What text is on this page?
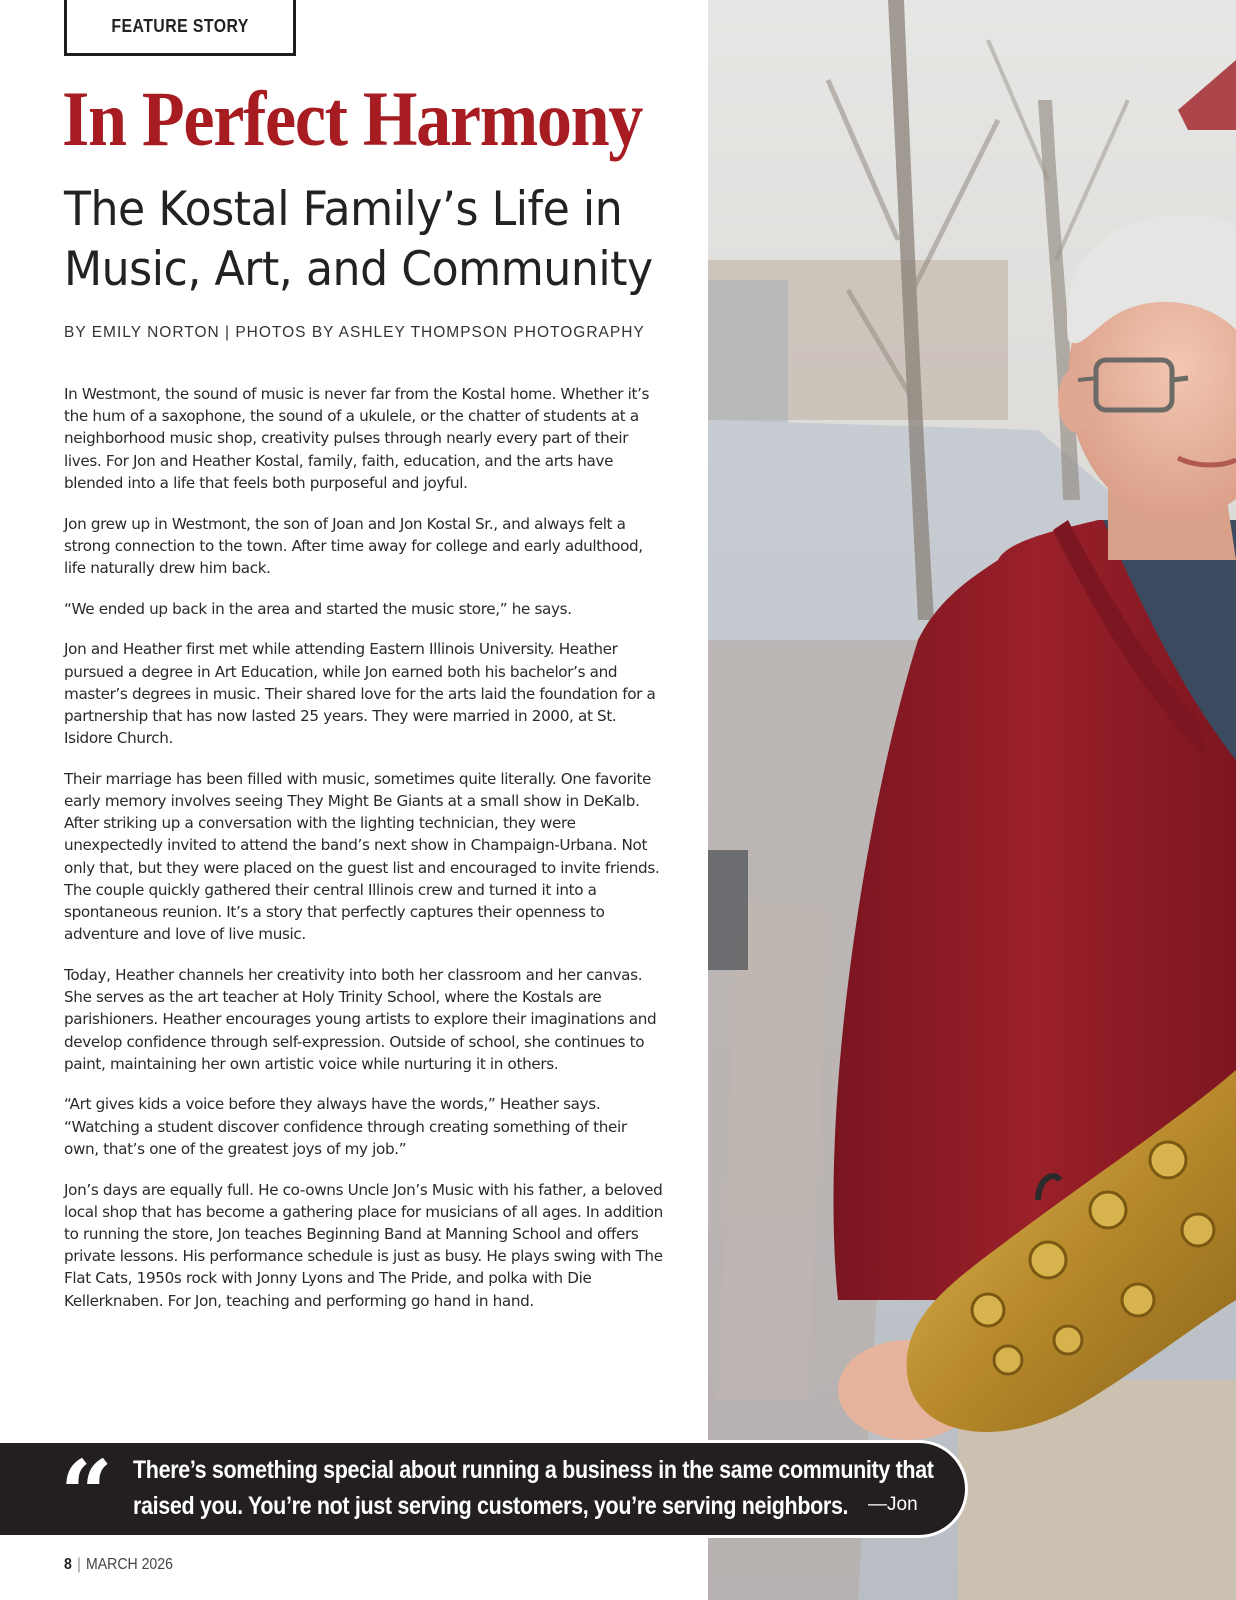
FEATURE STORY
In Perfect Harmony
The Kostal Family’s Life in Music, Art, and Community

BY EMILY NORTON | PHOTOS BY ASHLEY THOMPSON PHOTOGRAPHY

In Westmont, the sound of music is never far from the Kostal home. Whether it’s the hum of a saxophone, the sound of a ukulele, or the chatter of students at a neighborhood music shop, creativity pulses through nearly every part of their lives. For Jon and Heather Kostal, family, faith, education, and the arts have blended into a life that feels both purposeful and joyful.

Jon grew up in Westmont, the son of Joan and Jon Kostal Sr., and always felt a strong connection to the town. After time away for college and early adulthood, life naturally drew him back.

“We ended up back in the area and started the music store,” he says.

Jon and Heather first met while attending Eastern Illinois University. Heather pursued a degree in Art Education, while Jon earned both his bachelor’s and master’s degrees in music. Their shared love for the arts laid the foundation for a partnership that has now lasted 25 years. They were married in 2000, at St. Isidore Church.

Their marriage has been filled with music, sometimes quite literally. One favorite early memory involves seeing They Might Be Giants at a small show in DeKalb. After striking up a conversation with the lighting technician, they were unexpectedly invited to attend the band’s next show in Champaign-Urbana. Not only that, but they were placed on the guest list and encouraged to invite friends. The couple quickly gathered their central Illinois crew and turned it into a spontaneous reunion. It’s a story that perfectly captures their openness to adventure and love of live music.

Today, Heather channels her creativity into both her classroom and her canvas. She serves as the art teacher at Holy Trinity School, where the Kostals are parishioners. Heather encourages young artists to explore their imaginations and develop confidence through self-expression. Outside of school, she continues to paint, maintaining her own artistic voice while nurturing it in others.

“Art gives kids a voice before they always have the words,” Heather says. “Watching a student discover confidence through creating something of their own, that’s one of the greatest joys of my job.”

Jon’s days are equally full. He co-owns Uncle Jon’s Music with his father, a beloved local shop that has become a gathering place for musicians of all ages. In addition to running the store, Jon teaches Beginning Band at Manning School and offers private lessons. His performance schedule is just as busy. He plays swing with The Flat Cats, 1950s rock with Jonny Lyons and The Pride, and polka with Die Kellerknaben. For Jon, teaching and performing go hand in hand.

“ There’s something special about running a business in the same community that
raised you. You’re not just serving customers, you’re serving neighbors. —Jon
8 | MARCH 2026
